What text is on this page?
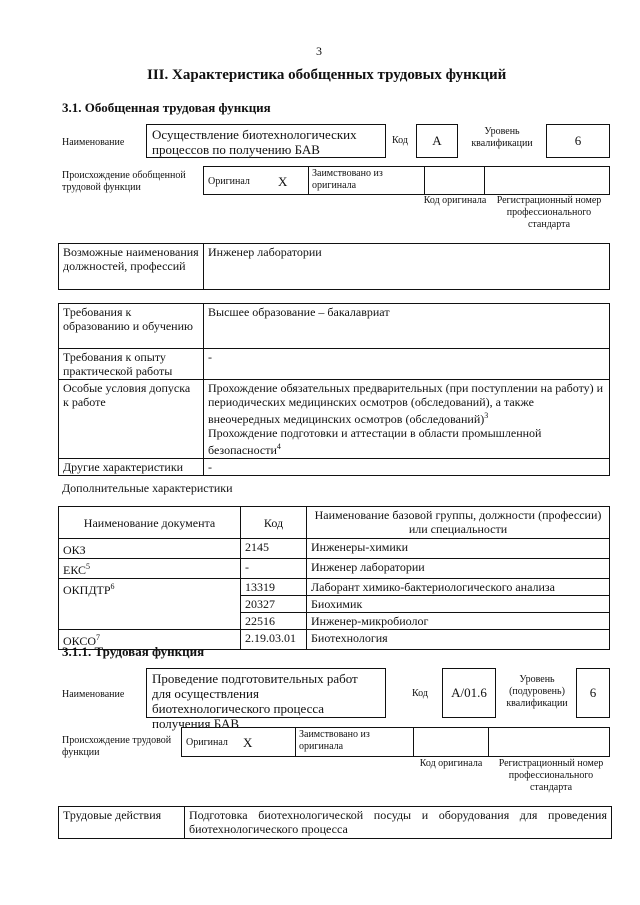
3
III. Характеристика обобщенных трудовых функций
3.1. Обобщенная трудовая функция
Наименование
Осуществление биотехнологических процессов по получению БАВ
Код	А
Уровень квалификации	6
Происхождение обобщенной трудовой функции
Оригинал Х
Заимствовано из оригинала
Код оригинала	Регистрационный номер профессионального стандарта
Возможные наименования должностей, профессий	Инженер лаборатории
Требования к образованию и обучению	Высшее образование – бакалавриат
Требования к опыту практической работы	-
Особые условия допуска к работе	Прохождение обязательных предварительных (при поступлении на работу) и периодических медицинских осмотров (обследований), а также внеочередных медицинских осмотров (обследований)$^3$
Прохождение подготовки и аттестации в области промышленной безопасности$^4$
Другие характеристики	-
Дополнительные характеристики
Наименование документа	Код	Наименование базовой группы, должности (профессии) или специальности
ОКЗ	2145	Инженеры-химики
ЕКС$^5$	-	Инженер лаборатории
ОКПДТР$^6$	13319	Лаборант химико-бактериологического анализа
	20327	Биохимик
	22516	Инженер-микробиолог
ОКСО$^7$	2.19.03.01	Биотехнология
3.1.1. Трудовая функция
Наименование
Проведение подготовительных работ для осуществления биотехнологического процесса получения БАВ
Код	А/01.6
Уровень (подуровень) квалификации
6
Происхождение трудовой функции
Оригинал Х
Заимствовано из оригинала
Код оригинала	Регистрационный номер профессионального стандарта
Трудовые действия	Подготовка биотехнологической посуды и оборудования для проведения биотехнологического процесса
